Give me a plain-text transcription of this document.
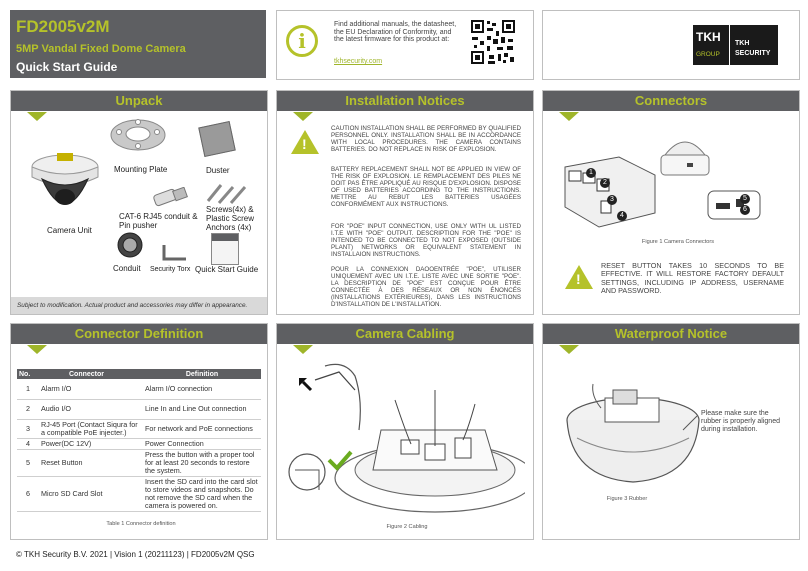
FD2005v2M
5MP Vandal Fixed Dome Camera
Quick Start Guide
i
Find additional manuals, the datasheet, the EU Declaration of Conformity, and the latest firmware for this product at:
tkhsecurity.com
TKH
GROUP
TKH
SECURITY
Unpack
Mounting Plate	Duster
Camera Unit
CAT-6 RJ45 conduit & Pin pusher
Screws(4x) & Plastic Screw Anchors (4x)
Conduit Security Torx Quick Start Guide
Subject to modification. Actual product and accessories may differ in appearance.
Installation Notices
!
CAUTION INSTALLATION SHALL BE PERFORMED BY QUALIFIED PERSONNEL ONLY. INSTALLATION SHALL BE IN ACCORDANCE WITH LOCAL PROCEDURES. THE CAMERA CONTAINS BATTERIES. DO NOT REPLACE IN RISK OF EXPLOSION.
BATTERY REPLACEMENT SHALL NOT BE APPLIED IN VIEW OF THE RISK OF EXPLOSION. LE REMPLACEMENT DES PILES NE DOIT PAS ÊTRE APPLIQUÉ AU RISQUE D'EXPLOSION. DISPOSE OF USED BATTERIES ACCORDING TO THE INSTRUCTIONS. METTRE AU REBUT LES BATTERIES USAGÉES CONFORMÉMENT AUX INSTRUCTIONS.
FOR "POE" INPUT CONNECTION, USE ONLY WITH UL LISTED I.T.E WITH "POE" OUTPUT. DESCRIPTION FOR THE "POE" IS INTENDED TO BE CONNECTED TO NOT EXPOSED (OUTSIDE PLANT) NETWORKS OR EQUIVALENT STATEMENT IN INSTALLAION INSTRUCTIONS.
POUR LA CONNEXION DAOOENTRÉE "POE", UTILISER UNIQUEMENT AVEC UN I.T.E. LISTE AVEC UNE SORTIE "POE". LA DESCRIPTION DE "POE" EST CONÇUE POUR ÊTRE CONNECTÉE À DES RÉSEAUX OR NON ÉNONCÉS (INSTALLATIONS EXTÉRIEURES), DANS LES INSTRUCTIONS D'INSTALLATION DE L'INSTALLATION.
Connectors
1
2
3
4
5
6
Figure 1 Camera Connectors
!
RESET BUTTON TAKES 10 SECONDS TO BE EFFECTIVE. IT WILL RESTORE FACTORY DEFAULT SETTINGS, INCLUDING IP ADDRESS, USERNAME AND PASSWORD.
Connector Definition
No.	Connector	Definition
1	Alarm I/O	Alarm I/O connection
2	Audio I/O	Line In and Line Out connection
3	RJ-45 Port (Contact Siqura for a compatible PoE injecter.)	For network and PoE connections
4	Power(DC 12V)	Power Connection
5	Reset Button	Press the button with a proper tool for at least 20 seconds to restore the system.
6	Micro SD Card Slot	Insert the SD card into the card slot to store videos and snapshots. Do not remove the SD card when the camera is powered on.
Table 1 Connector definition
Camera Cabling
Figure 2 Cabling
Waterproof Notice
Please make sure the rubber is properly aligned during installation.
Figure 3 Rubber
© TKH Security B.V. 2021 | Vision 1 (20211123) | FD2005v2M QSG
